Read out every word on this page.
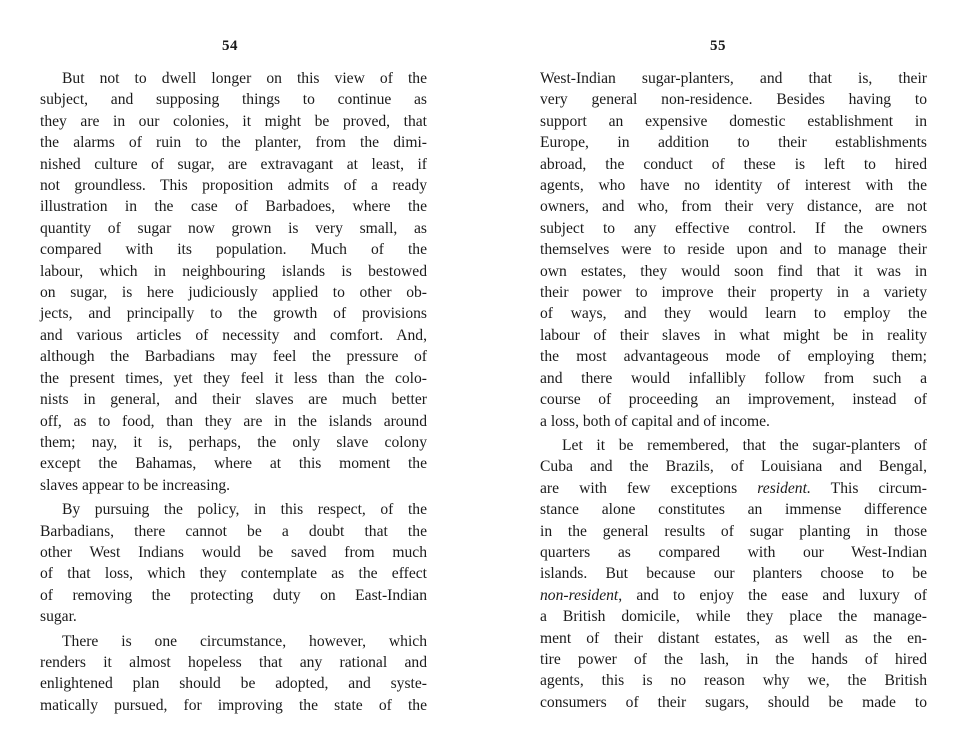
54
But not to dwell longer on this view of the
subject, and supposing things to continue as
they are in our colonies, it might be proved, that
the alarms of ruin to the planter, from the dimi-
nished culture of sugar, are extravagant at least, if
not groundless. This proposition admits of a ready
illustration in the case of Barbadoes, where the
quantity of sugar now grown is very small, as
compared with its population. Much of the
labour, which in neighbouring islands is bestowed
on sugar, is here judiciously applied to other ob-
jects, and principally to the growth of provisions
and various articles of necessity and comfort. And,
although the Barbadians may feel the pressure of
the present times, yet they feel it less than the colo-
nists in general, and their slaves are much better
off, as to food, than they are in the islands around
them; nay, it is, perhaps, the only slave colony
except the Bahamas, where at this moment the
slaves appear to be increasing.
By pursuing the policy, in this respect, of the
Barbadians, there cannot be a doubt that the
other West Indians would be saved from much
of that loss, which they contemplate as the effect
of removing the protecting duty on East-Indian
sugar.
There is one circumstance, however, which
renders it almost hopeless that any rational and
enlightened plan should be adopted, and syste-
matically pursued, for improving the state of the
55
West-Indian sugar-planters, and that is, their
very general non-residence. Besides having to
support an expensive domestic establishment in
Europe, in addition to their establishments
abroad, the conduct of these is left to hired
agents, who have no identity of interest with the
owners, and who, from their very distance, are not
subject to any effective control. If the owners
themselves were to reside upon and to manage their
own estates, they would soon find that it was in
their power to improve their property in a variety
of ways, and they would learn to employ the
labour of their slaves in what might be in reality
the most advantageous mode of employing them;
and there would infallibly follow from such a
course of proceeding an improvement, instead of
a loss, both of capital and of income.
Let it be remembered, that the sugar-planters of
Cuba and the Brazils, of Louisiana and Bengal,
are with few exceptions resident. This circum-
stance alone constitutes an immense difference
in the general results of sugar planting in those
quarters as compared with our West-Indian
islands. But because our planters choose to be
non-resident, and to enjoy the ease and luxury of
a British domicile, while they place the manage-
ment of their distant estates, as well as the en-
tire power of the lash, in the hands of hired
agents, this is no reason why we, the British
consumers of their sugars, should be made to
